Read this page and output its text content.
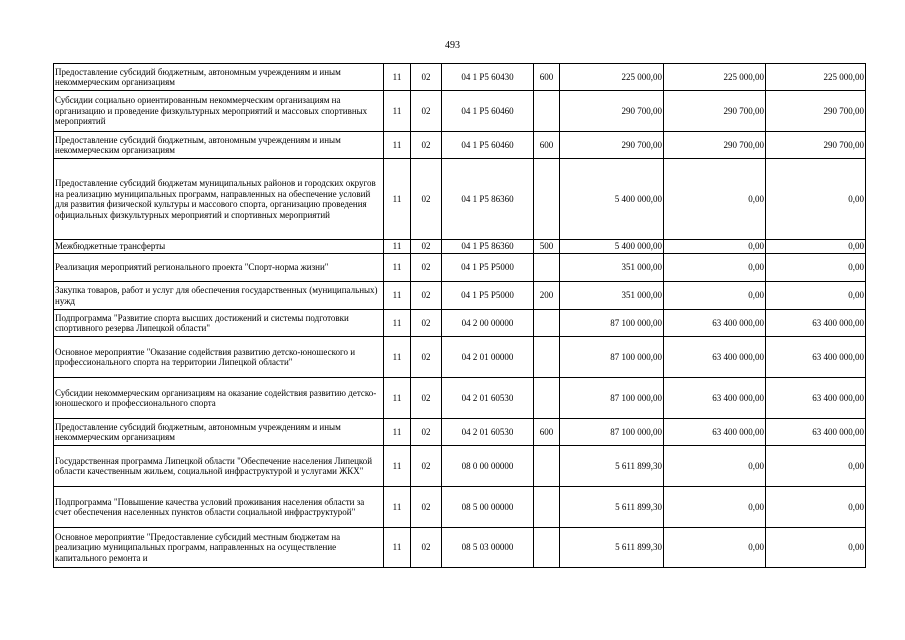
493
Предоставление субсидий бюджетным, автономным учреждениям и иным некоммерческим организациям	11	02	04 1 P5 60430	600	225 000,00	225 000,00	225 000,00
Субсидии социально ориентированным некоммерческим организациям на организацию и проведение физкультурных мероприятий и массовых спортивных мероприятий	11	02	04 1 P5 60460		290 700,00	290 700,00	290 700,00
Предоставление субсидий бюджетным, автономным учреждениям и иным некоммерческим организациям	11	02	04 1 P5 60460	600	290 700,00	290 700,00	290 700,00
Предоставление субсидий бюджетам муниципальных районов и городских округов на реализацию муниципальных программ, направленных на обеспечение условий для развития физической культуры и массового спорта, организацию проведения официальных физкультурных мероприятий и спортивных мероприятий	11	02	04 1 P5 86360		5 400 000,00	0,00	0,00
Межбюджетные трансферты	11	02	04 1 P5 86360	500	5 400 000,00	0,00	0,00
Реализация мероприятий регионального проекта "Спорт-норма жизни"	11	02	04 1 P5 P5000		351 000,00	0,00	0,00
Закупка товаров, работ и услуг для обеспечения государственных (муниципальных) нужд	11	02	04 1 P5 P5000	200	351 000,00	0,00	0,00
Подпрограмма "Развитие спорта высших достижений и системы подготовки спортивного резерва Липецкой области"	11	02	04 2 00 00000		87 100 000,00	63 400 000,00	63 400 000,00
Основное мероприятие "Оказание содействия развитию детско-юношеского и профессионального спорта на территории Липецкой области"	11	02	04 2 01 00000		87 100 000,00	63 400 000,00	63 400 000,00
Субсидии некоммерческим организациям на оказание содействия развитию детско-юношеского и профессионального спорта	11	02	04 2 01 60530		87 100 000,00	63 400 000,00	63 400 000,00
Предоставление субсидий бюджетным, автономным учреждениям и иным некоммерческим организациям	11	02	04 2 01 60530	600	87 100 000,00	63 400 000,00	63 400 000,00
Государственная программа Липецкой области "Обеспечение населения Липецкой области качественным жильем, социальной инфраструктурой и услугами ЖКХ"	11	02	08 0 00 00000		5 611 899,30	0,00	0,00
Подпрограмма "Повышение качества условий проживания населения области за счет обеспечения населенных пунктов области социальной инфраструктурой"	11	02	08 5 00 00000		5 611 899,30	0,00	0,00
Основное мероприятие "Предоставление субсидий местным бюджетам на реализацию муниципальных программ, направленных на осуществление капитального ремонта и	11	02	08 5 03 00000		5 611 899,30	0,00	0,00
